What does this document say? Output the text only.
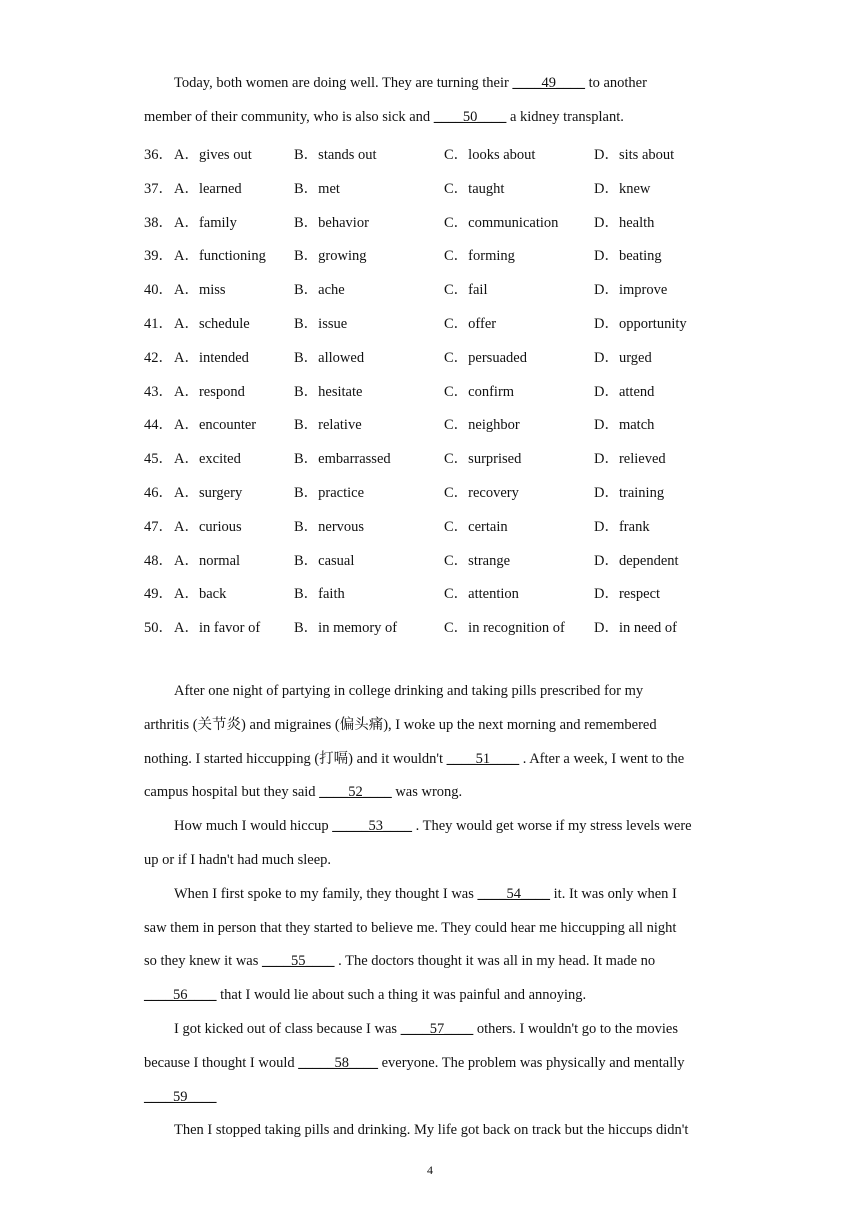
Today, both women are doing well. They are turning their ____49____ to another
member of their community, who is also sick and ____50____ a kidney transplant.
36． A．gives out	B．stands out	C．looks about	D．sits about
37． A．learned	B．met	C．taught	D．knew
38． A．family	B．behavior	C．communication D．health
39． A．functioning B．growing	C．forming	D．beating
40． A．miss	B．ache	C．fail	D．improve
41． A．schedule	B．issue	C．offer	D．opportunity
42． A．intended	B．allowed	C．persuaded	D．urged
43． A．respond	B．hesitate	C．confirm	D．attend
44． A．encounter	B．relative	C．neighbor	D．match
45． A．excited	B．embarrassed	C．surprised	D．relieved
46． A．surgery	B．practice	C．recovery	D．training
47． A．curious	B．nervous	C．certain	D．frank
48． A．normal	B．casual	C．strange	D．dependent
49． A．back	B．faith	C．attention	D．respect
50． A．in favor of B．in memory of	C．in recognition of D．in need of
After one night of partying in college drinking and taking pills prescribed for my
arthritis (关节炎) and migraines (偏头痛), I woke up the next morning and remembered
nothing. I started hiccupping (打嗝) and it wouldn't ____51____ . After a week, I went to the
campus hospital but they said ____52____ was wrong.
How much I would hiccup _____53____ . They would get worse if my stress levels were
up or if I hadn't had much sleep.
When I first spoke to my family, they thought I was ____54____ it. It was only when I
saw them in person that they started to believe me. They could hear me hiccupping all night
so they knew it was ____55____ . The doctors thought it was all in my head. It made no
____56____ that I would lie about such a thing it was painful and annoying.
I got kicked out of class because I was ____57____ others. I wouldn't go to the movies
because I thought I would _____58____ everyone. The problem was physically and mentally
____59____
Then I stopped taking pills and drinking. My life got back on track but the hiccups didn't
4
